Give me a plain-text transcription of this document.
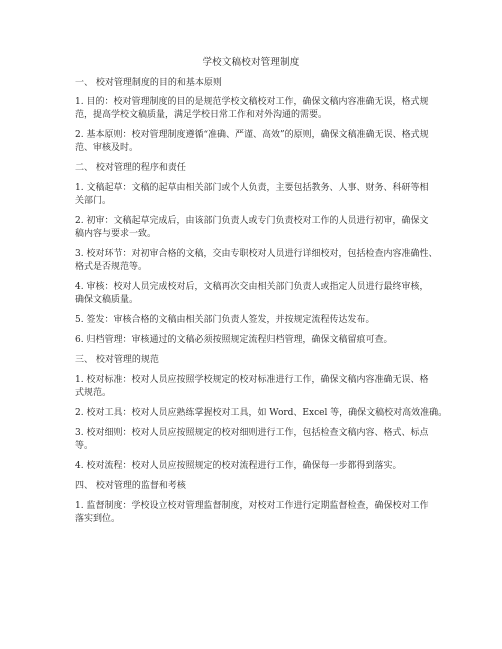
学校文稿校对管理制度

一、 校对管理制度的目的和基本原则

1. 目的：校对管理制度的目的是规范学校文稿校对工作，确保文稿内容准确无误，格式规
范，提高学校文稿质量，满足学校日常工作和对外沟通的需要。

2. 基本原则：校对管理制度遵循“准确、严谨、高效”的原则，确保文稿准确无误、格式规
范、审核及时。

二、 校对管理的程序和责任

1. 文稿起草：文稿的起草由相关部门或个人负责，主要包括教务、人事、财务、科研等相
关部门。

2. 初审：文稿起草完成后，由该部门负责人或专门负责校对工作的人员进行初审，确保文
稿内容与要求一致。

3. 校对环节：对初审合格的文稿，交由专职校对人员进行详细校对，包括检查内容准确性、
格式是否规范等。

4. 审核：校对人员完成校对后，文稿再次交由相关部门负责人或指定人员进行最终审核，
确保文稿质量。

5. 签发：审核合格的文稿由相关部门负责人签发，并按规定流程传达发布。

6. 归档管理：审核通过的文稿必须按照规定流程归档管理，确保文稿留痕可查。

三、 校对管理的规范

1. 校对标准：校对人员应按照学校规定的校对标准进行工作，确保文稿内容准确无误、格
式规范。

2. 校对工具：校对人员应熟练掌握校对工具，如 Word、Excel 等，确保文稿校对高效准确。

3. 校对细则：校对人员应按照规定的校对细则进行工作，包括检查文稿内容、格式、标点
等。

4. 校对流程：校对人员应按照规定的校对流程进行工作，确保每一步都得到落实。

四、 校对管理的监督和考核

1. 监督制度：学校设立校对管理监督制度，对校对工作进行定期监督检查，确保校对工作
落实到位。
